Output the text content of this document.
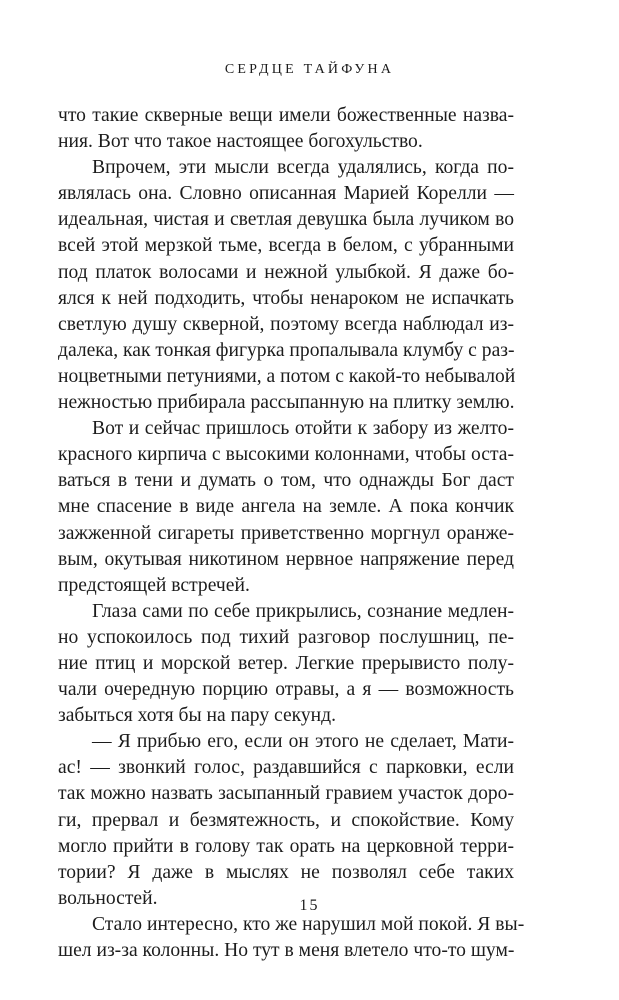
СЕРДЦЕ ТАЙФУНА
что такие скверные вещи имели божественные назва-
ния. Вот что такое настоящее богохульство.
Впрочем, эти мысли всегда удалялись, когда по-
являлась она. Словно описанная Марией Корелли —
идеальная, чистая и светлая девушка была лучиком во
всей этой мерзкой тьме, всегда в белом, с убранными
под платок волосами и нежной улыбкой. Я даже бо-
ялся к ней подходить, чтобы ненароком не испачкать
светлую душу скверной, поэтому всегда наблюдал из-
далека, как тонкая фигурка пропалывала клумбу с раз-
ноцветными петуниями, а потом с какой-то небывалой
нежностью прибирала рассыпанную на плитку землю.
Вот и сейчас пришлось отойти к забору из желто-
красного кирпича с высокими колоннами, чтобы оста-
ваться в тени и думать о том, что однажды Бог даст
мне спасение в виде ангела на земле. А пока кончик
зажженной сигареты приветственно моргнул оранже-
вым, окутывая никотином нервное напряжение перед
предстоящей встречей.
Глаза сами по себе прикрылись, сознание медлен-
но успокоилось под тихий разговор послушниц, пе-
ние птиц и морской ветер. Легкие прерывисто полу-
чали очередную порцию отравы, а я — возможность
забыться хотя бы на пару секунд.
— Я прибью его, если он этого не сделает, Мати-
ас! — звонкий голос, раздавшийся с парковки, если
так можно назвать засыпанный гравием участок доро-
ги, прервал и безмятежность, и спокойствие. Кому
могло прийти в голову так орать на церковной терри-
тории? Я даже в мыслях не позволял себе таких
вольностей.
Стало интересно, кто же нарушил мой покой. Я вы-
шел из-за колонны. Но тут в меня влетело что-то шум-
15
